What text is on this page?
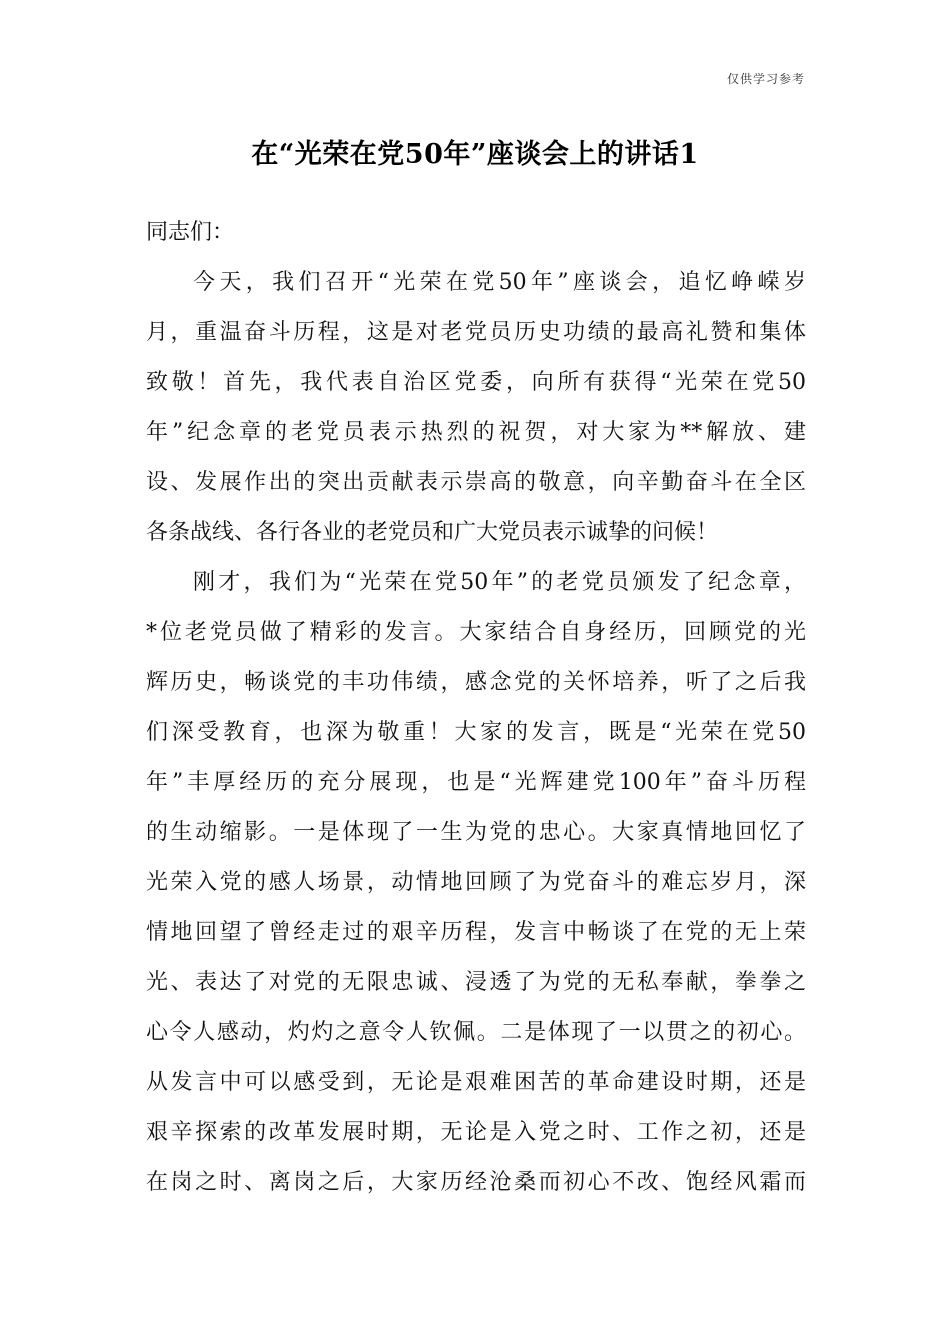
仅供学习参考
在“光荣在党50年”座谈会上的讲话1
同志们：
今天，我们召开“光荣在党50年”座谈会，追忆峥嵘岁
月，重温奋斗历程，这是对老党员历史功绩的最高礼赞和集体
致敬！首先，我代表自治区党委，向所有获得“光荣在党50
年”纪念章的老党员表示热烈的祝贺，对大家为**解放、建
设、发展作出的突出贡献表示崇高的敬意，向辛勤奋斗在全区
各条战线、各行各业的老党员和广大党员表示诚挚的问候！
刚才，我们为“光荣在党50年”的老党员颁发了纪念章，
*位老党员做了精彩的发言。大家结合自身经历，回顾党的光
辉历史，畅谈党的丰功伟绩，感念党的关怀培养，听了之后我
们深受教育，也深为敬重！大家的发言，既是“光荣在党50
年”丰厚经历的充分展现，也是“光辉建党100年”奋斗历程
的生动缩影。一是体现了一生为党的忠心。大家真情地回忆了
光荣入党的感人场景，动情地回顾了为党奋斗的难忘岁月，深
情地回望了曾经走过的艰辛历程，发言中畅谈了在党的无上荣
光、表达了对党的无限忠诚、浸透了为党的无私奉献，拳拳之
心令人感动，灼灼之意令人钦佩。二是体现了一以贯之的初心。
从发言中可以感受到，无论是艰难困苦的革命建设时期，还是
艰辛探索的改革发展时期，无论是入党之时、工作之初，还是
在岗之时、离岗之后，大家历经沧桑而初心不改、饱经风霜而
